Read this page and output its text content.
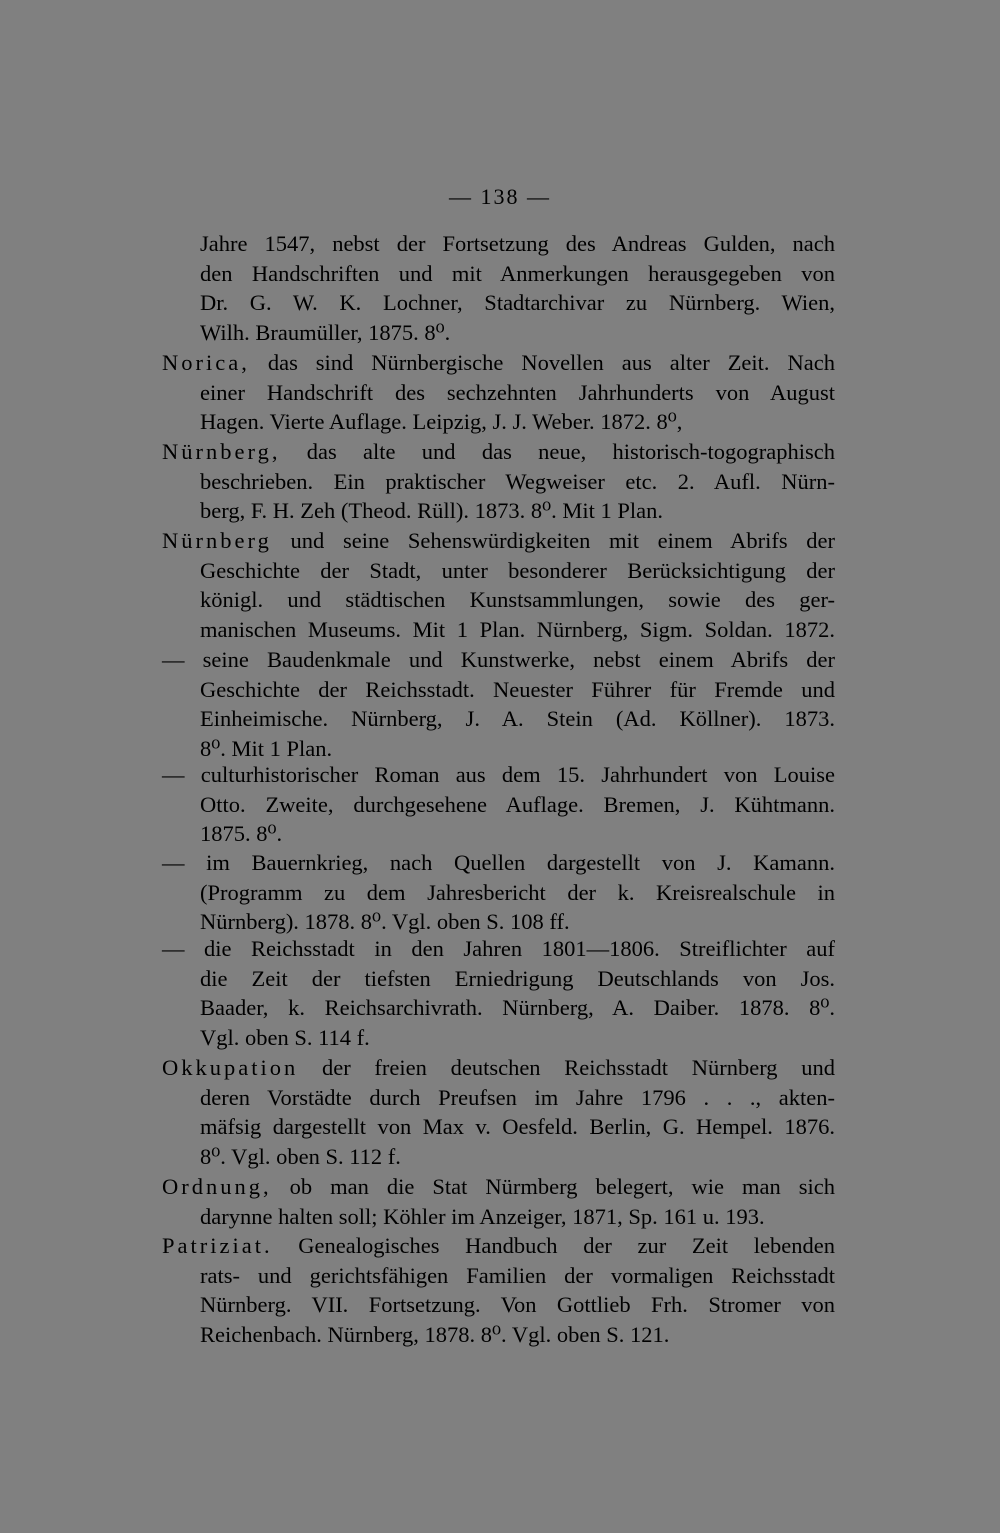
— 138 —
Jahre 1547, nebst der Fortsetzung des Andreas Gulden, nach
den Handschriften und mit Anmerkungen herausgegeben von
Dr. G. W. K. Lochner, Stadtarchivar zu Nürnberg. Wien,
Wilh. Braumüller, 1875. 8⁰.
Norica, das sind Nürnbergische Novellen aus alter Zeit. Nach
einer Handschrift des sechzehnten Jahrhunderts von August
Hagen. Vierte Auflage. Leipzig, J. J. Weber. 1872. 8⁰,
Nürnberg, das alte und das neue, historisch-togographisch
beschrieben. Ein praktischer Wegweiser etc. 2. Aufl. Nürn-
berg, F. H. Zeh (Theod. Rüll). 1873. 8⁰. Mit 1 Plan.
Nürnberg und seine Sehenswürdigkeiten mit einem Abrifs der
Geschichte der Stadt, unter besonderer Berücksichtigung der
königl. und städtischen Kunstsammlungen, sowie des ger-
manischen Museums. Mit 1 Plan. Nürnberg, Sigm. Soldan. 1872.
— seine Baudenkmale und Kunstwerke, nebst einem Abrifs der
Geschichte der Reichsstadt. Neuester Führer für Fremde und
Einheimische. Nürnberg, J. A. Stein (Ad. Köllner). 1873.
8⁰. Mit 1 Plan.
— culturhistorischer Roman aus dem 15. Jahrhundert von Louise
Otto. Zweite, durchgesehene Auflage. Bremen, J. Kühtmann.
1875. 8⁰.
— im Bauernkrieg, nach Quellen dargestellt von J. Kamann.
(Programm zu dem Jahresbericht der k. Kreisrealschule in
Nürnberg). 1878. 8⁰. Vgl. oben S. 108 ff.
— die Reichsstadt in den Jahren 1801—1806. Streiflichter auf
die Zeit der tiefsten Erniedrigung Deutschlands von Jos.
Baader, k. Reichsarchivrath. Nürnberg, A. Daiber. 1878. 8⁰.
Vgl. oben S. 114 f.
Okkupation der freien deutschen Reichsstadt Nürnberg und
deren Vorstädte durch Preufsen im Jahre 1796 . . ., akten-
mäfsig dargestellt von Max v. Oesfeld. Berlin, G. Hempel. 1876.
8⁰. Vgl. oben S. 112 f.
Ordnung, ob man die Stat Nürmberg belegert, wie man sich
darynne halten soll; Köhler im Anzeiger, 1871, Sp. 161 u. 193.
Patriziat. Genealogisches Handbuch der zur Zeit lebenden
rats- und gerichtsfähigen Familien der vormaligen Reichsstadt
Nürnberg. VII. Fortsetzung. Von Gottlieb Frh. Stromer von
Reichenbach. Nürnberg, 1878. 8⁰. Vgl. oben S. 121.
